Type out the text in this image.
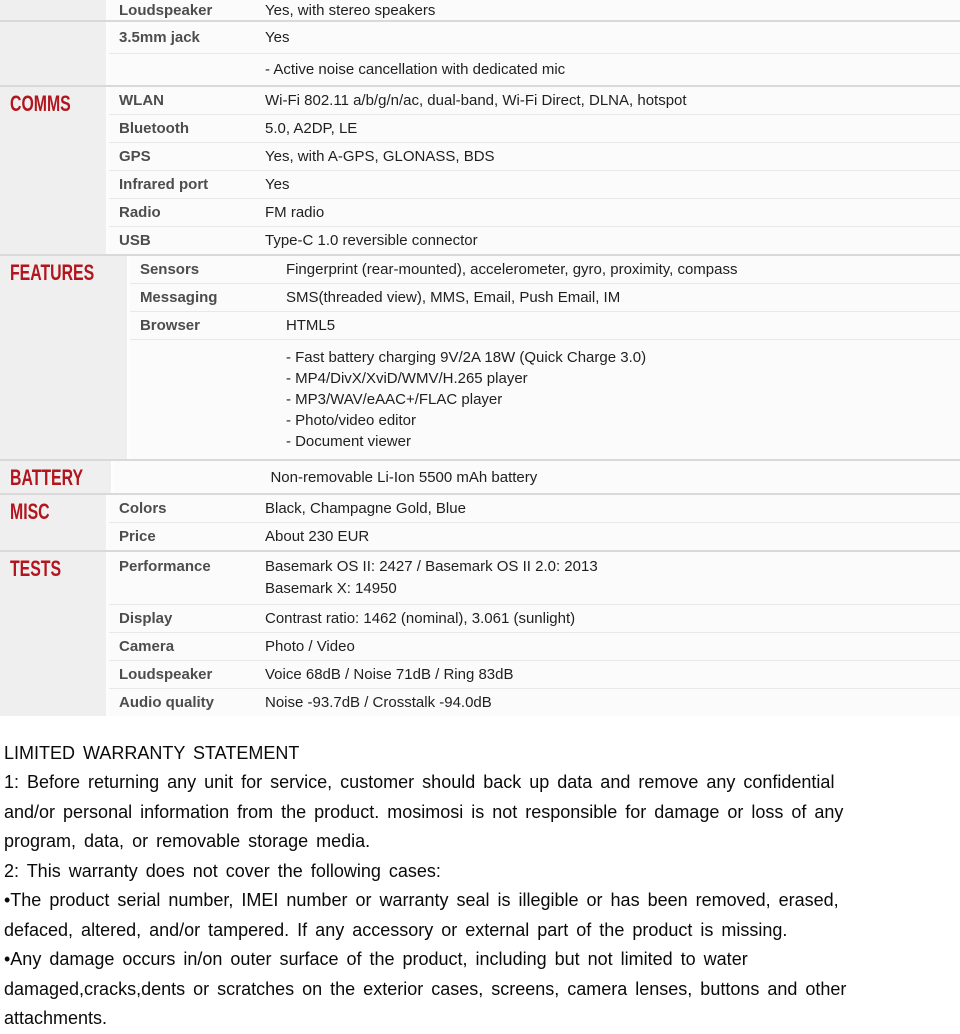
Loudspeaker	Yes, with stereo speakers
3.5mm jack	Yes
- Active noise cancellation with dedicated mic
COMMS	WLAN	Wi-Fi 802.11 a/b/g/n/ac, dual-band, Wi-Fi Direct, DLNA, hotspot
Bluetooth	5.0, A2DP, LE
GPS	Yes, with A-GPS, GLONASS, BDS
Infrared port	Yes
Radio	FM radio
USB	Type-C 1.0 reversible connector
FEATURES	Sensors	Fingerprint (rear-mounted), accelerometer, gyro, proximity, compass
Messaging	SMS(threaded view), MMS, Email, Push Email, IM
Browser	HTML5
- Fast battery charging 9V/2A 18W (Quick Charge 3.0)
- MP4/DivX/XviD/WMV/H.265 player
- MP3/WAV/eAAC+/FLAC player
- Photo/video editor
- Document viewer
BATTERY	Non-removable Li-Ion 5500 mAh battery
MISC	Colors	Black, Champagne Gold, Blue
Price	About 230 EUR
TESTS	Performance	Basemark OS II: 2427 / Basemark OS II 2.0: 2013
Basemark X: 14950
Display	Contrast ratio: 1462 (nominal), 3.061 (sunlight)
Camera	Photo / Video
Loudspeaker	Voice 68dB / Noise 71dB / Ring 83dB
Audio quality	Noise -93.7dB / Crosstalk -94.0dB
LIMITED WARRANTY STATEMENT
1: Before returning any unit for service, customer should back up data and remove any confidential
and/or personal information from the product. mosimosi is not responsible for damage or loss of any
program, data, or removable storage media.
2: This warranty does not cover the following cases:
•The product serial number, IMEI number or warranty seal is illegible or has been removed, erased,
defaced, altered, and/or tampered. If any accessory or external part of the product is missing.
•Any damage occurs in/on outer surface of the product, including but not limited to water
damaged,cracks,dents or scratches on the exterior cases, screens, camera lenses, buttons and other
attachments.
